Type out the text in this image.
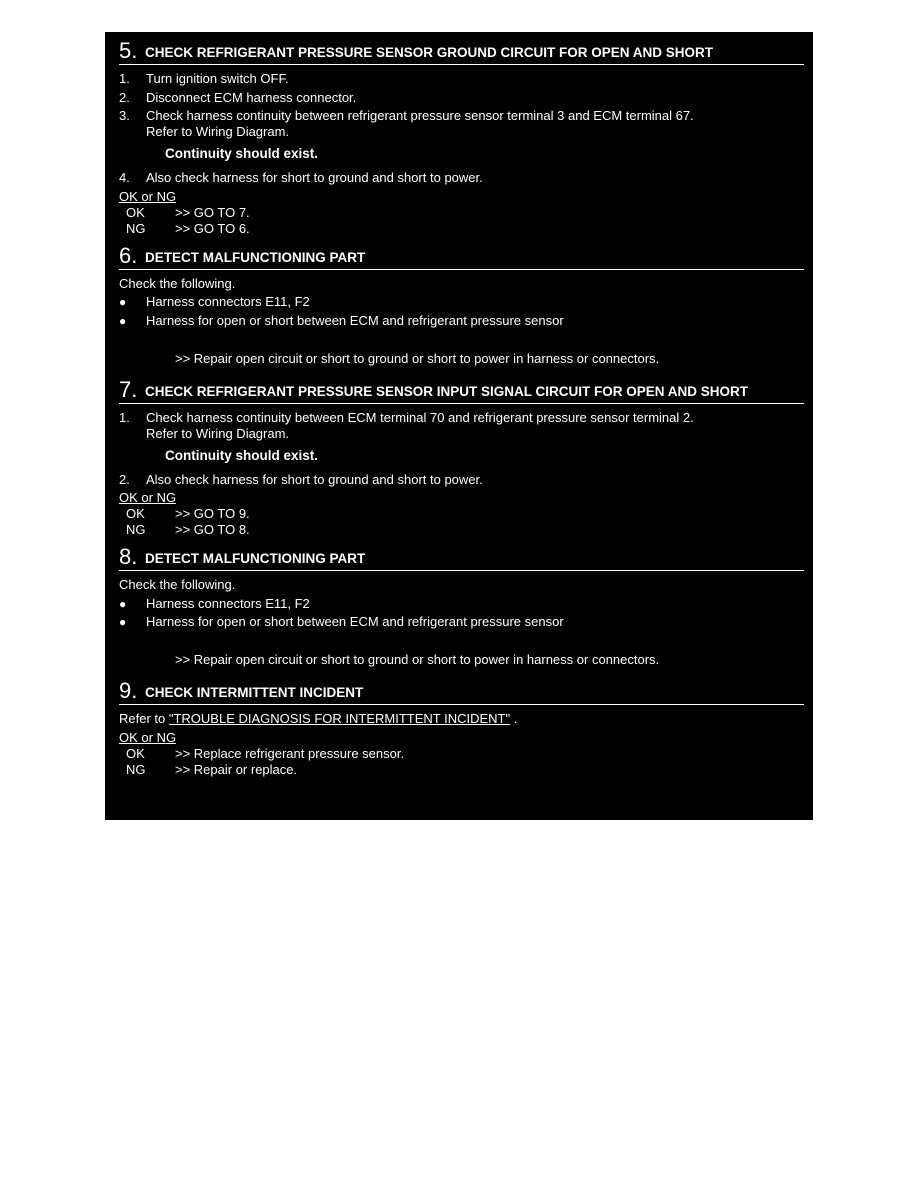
5. CHECK REFRIGERANT PRESSURE SENSOR GROUND CIRCUIT FOR OPEN AND SHORT
1.	Turn ignition switch OFF.
2.	Disconnect ECM harness connector.
3.	Check harness continuity between refrigerant pressure sensor terminal 3 and ECM terminal 67.
Refer to Wiring Diagram.
Continuity should exist.
4.	Also check harness for short to ground and short to power.
OK or NG
OK	>> GO TO 7.
NG	>> GO TO 6.
6. DETECT MALFUNCTIONING PART
Check the following.
●	Harness connectors E11, F2
●	Harness for open or short between ECM and refrigerant pressure sensor
>> Repair open circuit or short to ground or short to power in harness or connectors.
7. CHECK REFRIGERANT PRESSURE SENSOR INPUT SIGNAL CIRCUIT FOR OPEN AND SHORT
1.	Check harness continuity between ECM terminal 70 and refrigerant pressure sensor terminal 2.
Refer to Wiring Diagram.
Continuity should exist.
2.	Also check harness for short to ground and short to power.
OK or NG
OK	>> GO TO 9.
NG	>> GO TO 8.
8. DETECT MALFUNCTIONING PART
Check the following.
●	Harness connectors E11, F2
●	Harness for open or short between ECM and refrigerant pressure sensor
>> Repair open circuit or short to ground or short to power in harness or connectors.
9. CHECK INTERMITTENT INCIDENT
Refer to "TROUBLE DIAGNOSIS FOR INTERMITTENT INCIDENT" .
OK or NG
OK	>> Replace refrigerant pressure sensor.
NG	>> Repair or replace.
